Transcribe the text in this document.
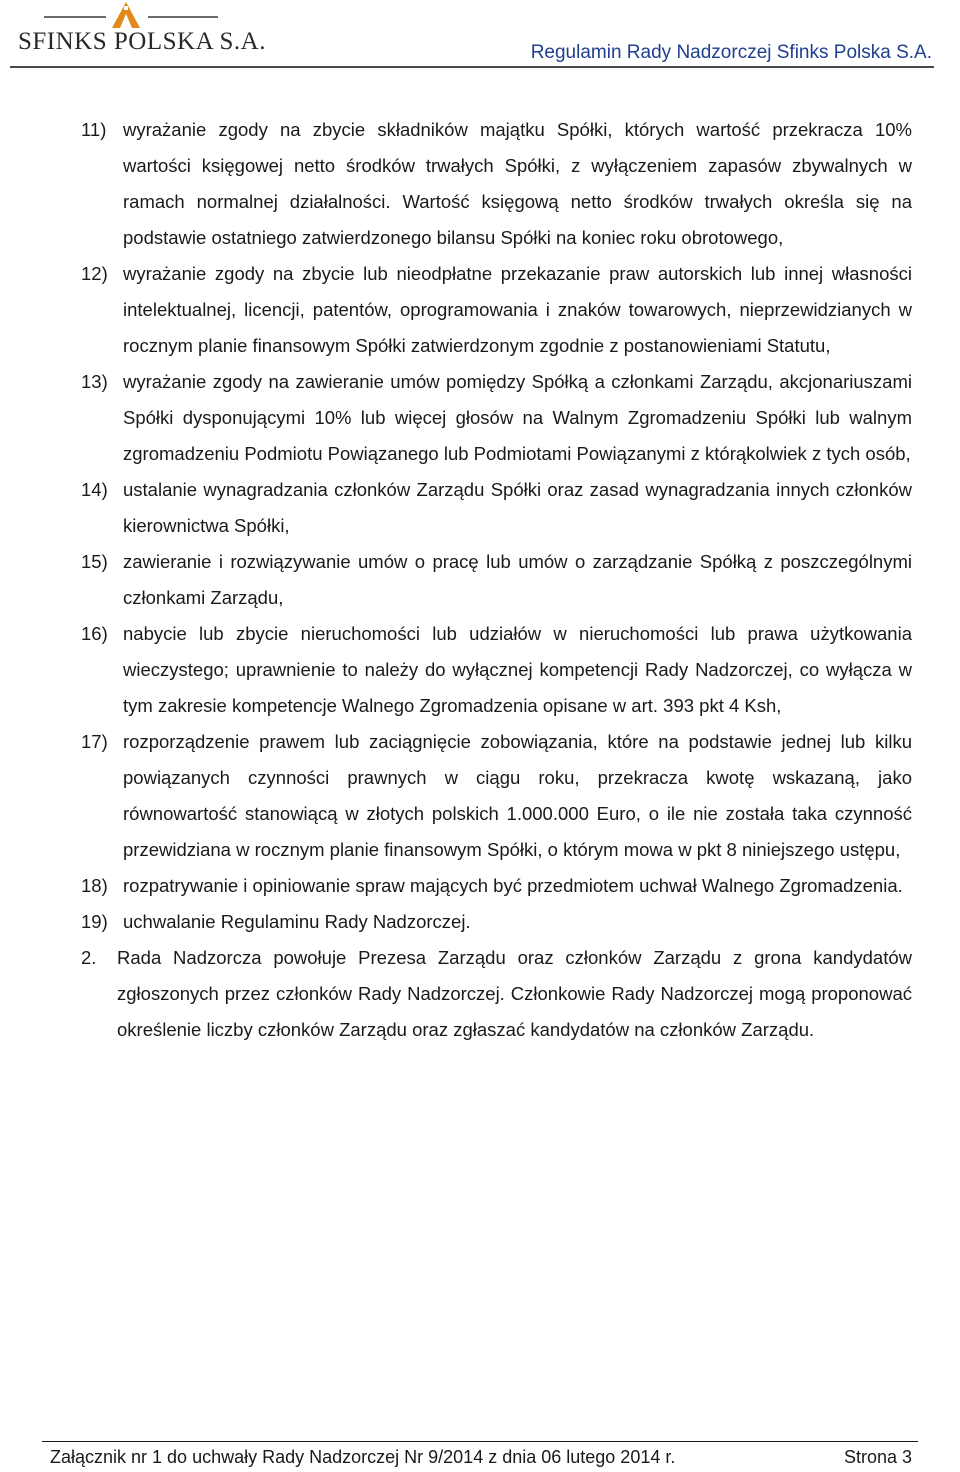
SFINKS POLSKA S.A.	Regulamin Rady Nadzorczej Sfinks Polska S.A.
11) wyrażanie zgody na zbycie składników majątku Spółki, których wartość przekracza 10% wartości księgowej netto środków trwałych Spółki, z wyłączeniem zapasów zbywalnych w ramach normalnej działalności. Wartość księgową netto środków trwałych określa się na podstawie ostatniego zatwierdzonego bilansu Spółki na koniec roku obrotowego,
12) wyrażanie zgody na zbycie lub nieodpłatne przekazanie praw autorskich lub innej własności intelektualnej, licencji, patentów, oprogramowania i znaków towarowych, nieprzewidzianych w rocznym planie finansowym Spółki zatwierdzonym zgodnie z postanowieniami Statutu,
13) wyrażanie zgody na zawieranie umów pomiędzy Spółką a członkami Zarządu, akcjonariuszami Spółki dysponującymi 10% lub więcej głosów na Walnym Zgromadzeniu Spółki lub walnym zgromadzeniu Podmiotu Powiązanego lub Podmiotami Powiązanymi z którąkolwiek z tych osób,
14) ustalanie wynagradzania członków Zarządu Spółki oraz zasad wynagradzania innych członków kierownictwa Spółki,
15) zawieranie i rozwiązywanie umów o pracę lub umów o zarządzanie Spółką z poszczególnymi członkami Zarządu,
16) nabycie lub zbycie nieruchomości lub udziałów w nieruchomości lub prawa użytkowania wieczystego; uprawnienie to należy do wyłącznej kompetencji Rady Nadzorczej, co wyłącza w tym zakresie kompetencje Walnego Zgromadzenia opisane w art. 393 pkt 4 Ksh,
17) rozporządzenie prawem lub zaciągnięcie zobowiązania, które na podstawie jednej lub kilku powiązanych czynności prawnych w ciągu roku, przekracza kwotę wskazaną, jako równowartość stanowiącą w złotych polskich 1.000.000 Euro, o ile nie została taka czynność przewidziana w rocznym planie finansowym Spółki, o którym mowa w pkt 8 niniejszego ustępu,
18) rozpatrywanie i opiniowanie spraw mających być przedmiotem uchwał Walnego Zgromadzenia.
19) uchwalanie Regulaminu Rady Nadzorczej.
2. Rada Nadzorcza powołuje Prezesa Zarządu oraz członków Zarządu z grona kandydatów zgłoszonych przez członków Rady Nadzorczej. Członkowie Rady Nadzorczej mogą proponować określenie liczby członków Zarządu oraz zgłaszać kandydatów na członków Zarządu.
Załącznik nr 1 do uchwały Rady Nadzorczej Nr 9/2014 z dnia 06 lutego 2014 r.	Strona 3
